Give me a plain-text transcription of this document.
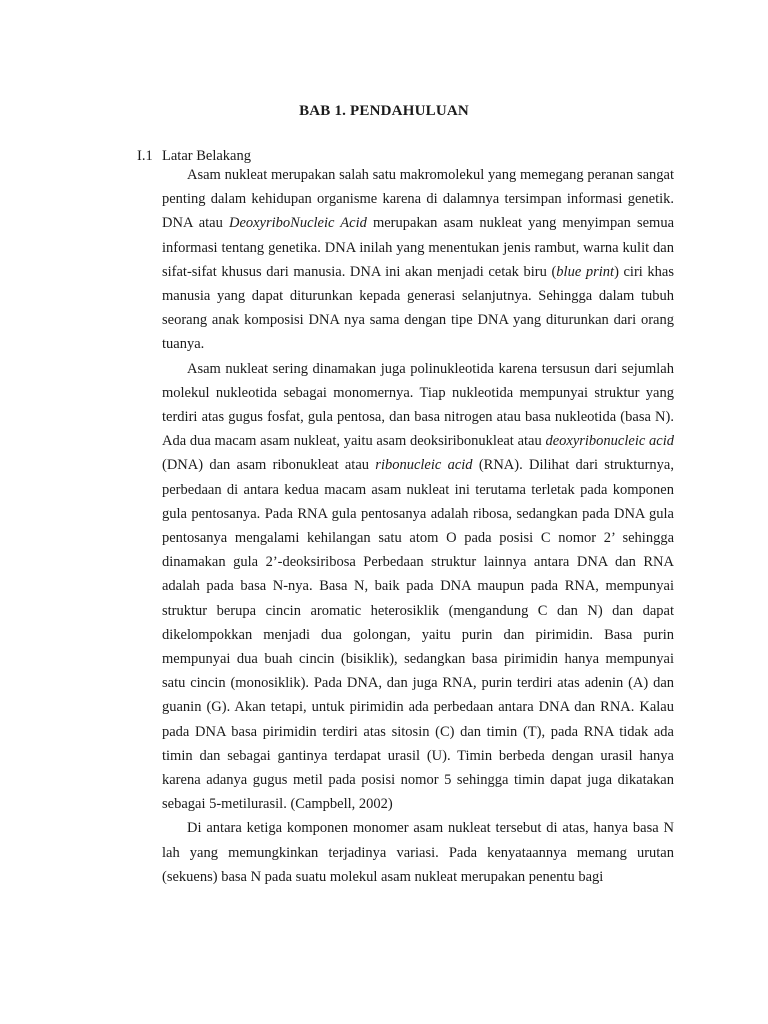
BAB 1. PENDAHULUAN
I.1 Latar Belakang

Asam nukleat merupakan salah satu makromolekul yang memegang peranan sangat penting dalam kehidupan organisme karena di dalamnya tersimpan informasi genetik. DNA atau DeoxyriboNucleic Acid merupakan asam nukleat yang menyimpan semua informasi tentang genetika. DNA inilah yang menentukan jenis rambut, warna kulit dan sifat-sifat khusus dari manusia. DNA ini akan menjadi cetak biru (blue print) ciri khas manusia yang dapat diturunkan kepada generasi selanjutnya. Sehingga dalam tubuh seorang anak komposisi DNA nya sama dengan tipe DNA yang diturunkan dari orang tuanya.

Asam nukleat sering dinamakan juga polinukleotida karena tersusun dari sejumlah molekul nukleotida sebagai monomernya. Tiap nukleotida mempunyai struktur yang terdiri atas gugus fosfat, gula pentosa, dan basa nitrogen atau basa nukleotida (basa N). Ada dua macam asam nukleat, yaitu asam deoksiribonukleat atau deoxyribonucleic acid (DNA) dan asam ribonukleat atau ribonucleic acid (RNA). Dilihat dari strukturnya, perbedaan di antara kedua macam asam nukleat ini terutama terletak pada komponen gula pentosanya. Pada RNA gula pentosanya adalah ribosa, sedangkan pada DNA gula pentosanya mengalami kehilangan satu atom O pada posisi C nomor 2’ sehingga dinamakan gula 2’-deoksiribosa Perbedaan struktur lainnya antara DNA dan RNA adalah pada basa N-nya. Basa N, baik pada DNA maupun pada RNA, mempunyai struktur berupa cincin aromatic heterosiklik (mengandung C dan N) dan dapat dikelompokkan menjadi dua golongan, yaitu purin dan pirimidin. Basa purin mempunyai dua buah cincin (bisiklik), sedangkan basa pirimidin hanya mempunyai satu cincin (monosiklik). Pada DNA, dan juga RNA, purin terdiri atas adenin (A) dan guanin (G). Akan tetapi, untuk pirimidin ada perbedaan antara DNA dan RNA. Kalau pada DNA basa pirimidin terdiri atas sitosin (C) dan timin (T), pada RNA tidak ada timin dan sebagai gantinya terdapat urasil (U). Timin berbeda dengan urasil hanya karena adanya gugus metil pada posisi nomor 5 sehingga timin dapat juga dikatakan sebagai 5-metilurasil. (Campbell, 2002)

Di antara ketiga komponen monomer asam nukleat tersebut di atas, hanya basa N lah yang memungkinkan terjadinya variasi. Pada kenyataannya memang urutan (sekuens) basa N pada suatu molekul asam nukleat merupakan penentu bagi
